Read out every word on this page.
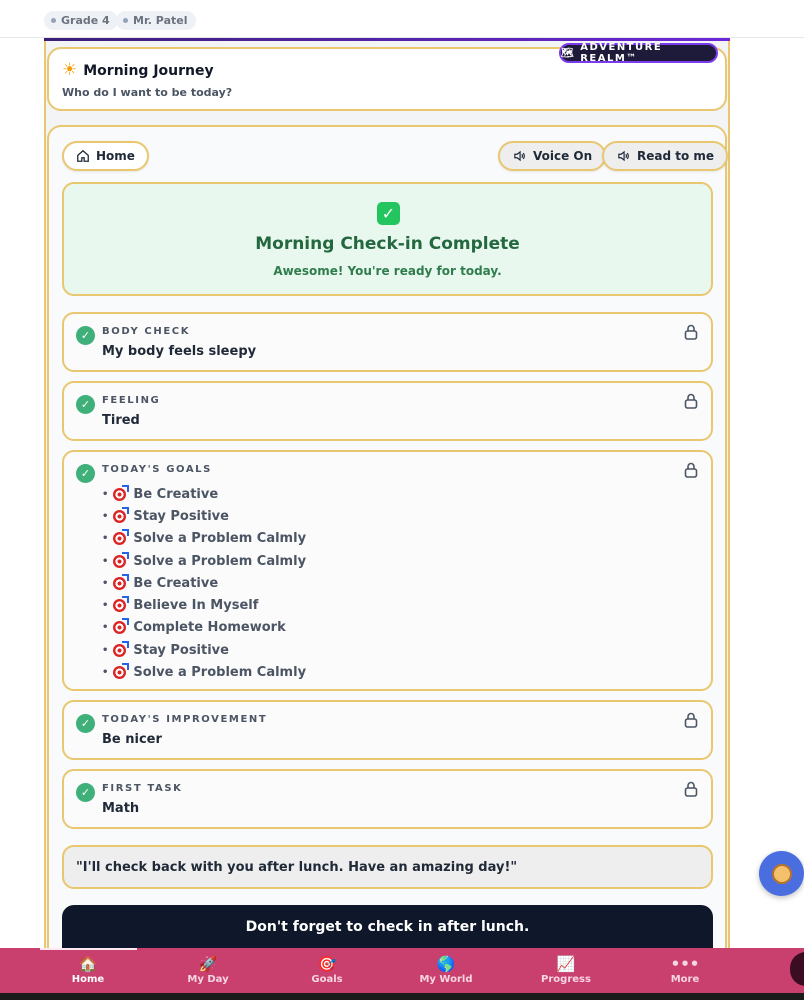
Grade 4 Mr. Patel
🗺 ADVENTURE REALM™
☀ Morning Journey
Who do I want to be today?
Home	Voice On	Read to me
✓
Morning Check-in Complete
Awesome! You're ready for today.
✓	BODY CHECK
My body feels sleepy
✓	FEELING
Tired
✓	TODAY'S GOALS
• Be Creative
• Stay Positive
• Solve a Problem Calmly
• Solve a Problem Calmly
• Be Creative
• Believe In Myself
• Complete Homework
• Stay Positive
• Solve a Problem Calmly
✓	TODAY'S IMPROVEMENT
Be nicer
✓	FIRST TASK
Math
"I'll check back with you after lunch. Have an amazing day!"
Don't forget to check in after lunch.
🏠
Home
🚀
My Day
🎯
Goals
🌎
My World
📈
Progress
•••
More
